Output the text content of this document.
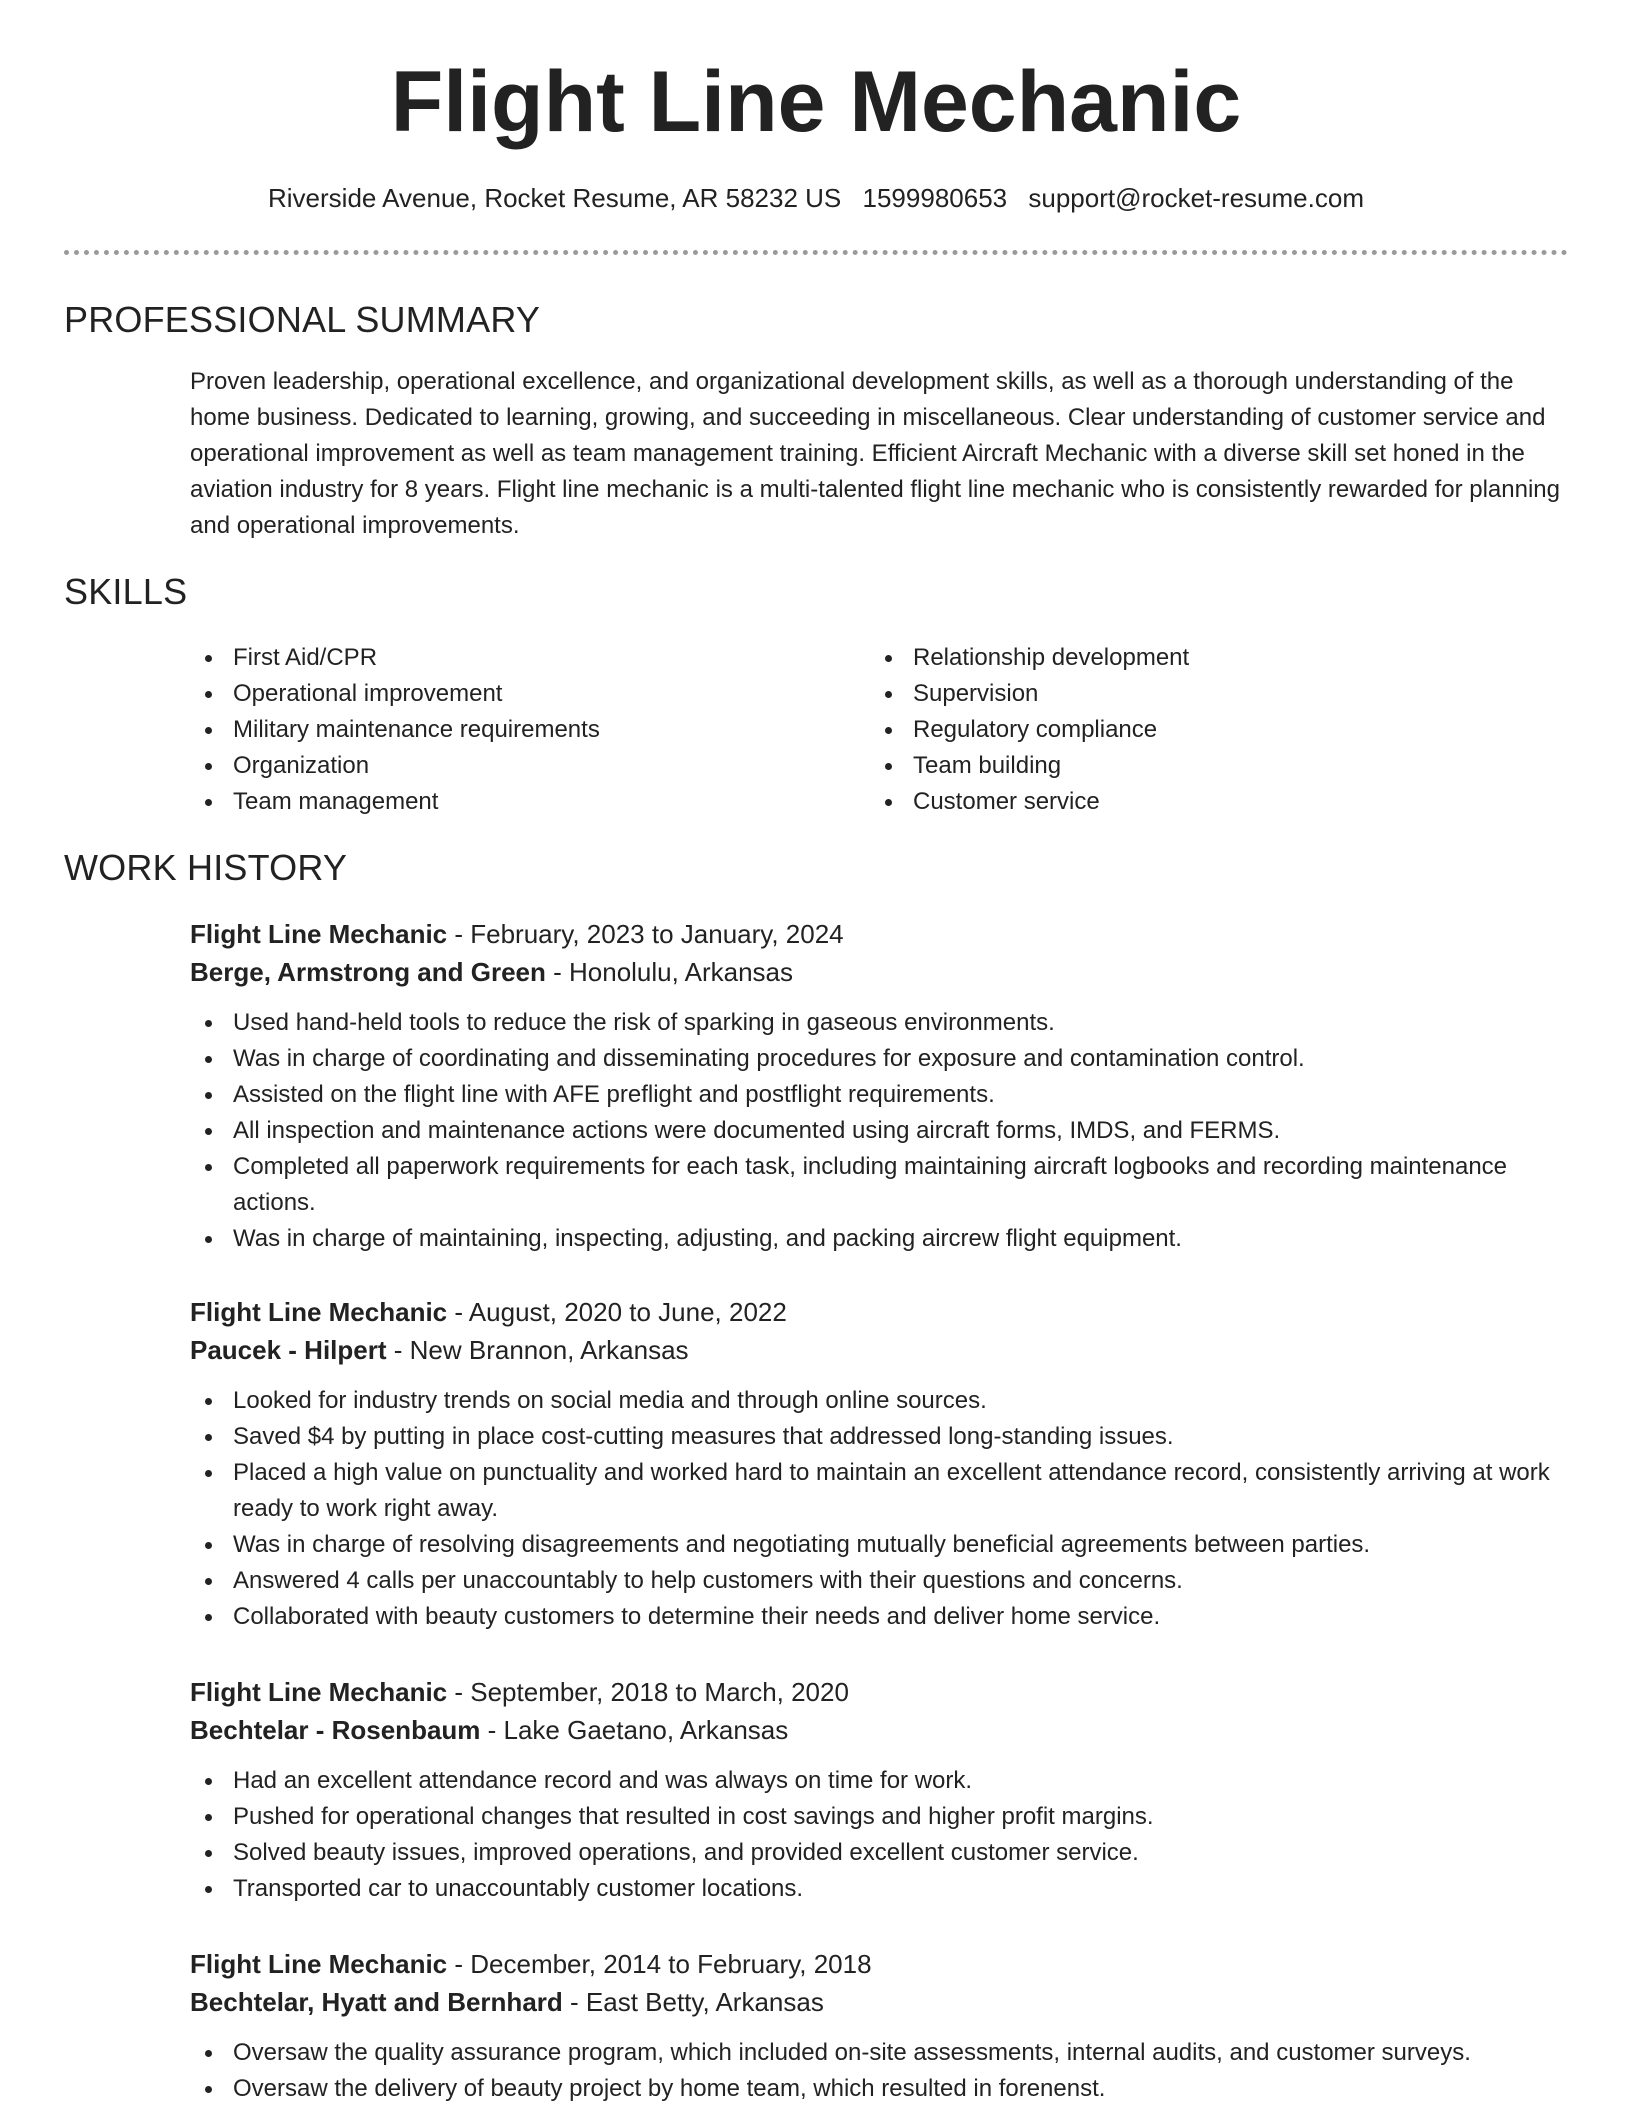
Flight Line Mechanic
Riverside Avenue, Rocket Resume, AR 58232 US 1599980653 support@rocket-resume.com
PROFESSIONAL SUMMARY

Proven leadership, operational excellence, and organizational development skills, as well as a thorough understanding of the home business. Dedicated to learning, growing, and succeeding in miscellaneous. Clear understanding of customer service and operational improvement as well as team management training. Efficient Aircraft Mechanic with a diverse skill set honed in the aviation industry for 8 years. Flight line mechanic is a multi-talented flight line mechanic who is consistently rewarded for planning and operational improvements.

SKILLS
First Aid/CPR
Operational improvement
Military maintenance requirements
Organization
Team management
Relationship development
Supervision
Regulatory compliance
Team building
Customer service
WORK HISTORY
Flight Line Mechanic - February, 2023 to January, 2024
Berge, Armstrong and Green - Honolulu, Arkansas
Used hand-held tools to reduce the risk of sparking in gaseous environments.
Was in charge of coordinating and disseminating procedures for exposure and contamination control.
Assisted on the flight line with AFE preflight and postflight requirements.
All inspection and maintenance actions were documented using aircraft forms, IMDS, and FERMS.
Completed all paperwork requirements for each task, including maintaining aircraft logbooks and recording maintenance actions.
Was in charge of maintaining, inspecting, adjusting, and packing aircrew flight equipment.
Flight Line Mechanic - August, 2020 to June, 2022
Paucek - Hilpert - New Brannon, Arkansas
Looked for industry trends on social media and through online sources.
Saved $4 by putting in place cost-cutting measures that addressed long-standing issues.
Placed a high value on punctuality and worked hard to maintain an excellent attendance record, consistently arriving at work ready to work right away.
Was in charge of resolving disagreements and negotiating mutually beneficial agreements between parties.
Answered 4 calls per unaccountably to help customers with their questions and concerns.
Collaborated with beauty customers to determine their needs and deliver home service.
Flight Line Mechanic - September, 2018 to March, 2020
Bechtelar - Rosenbaum - Lake Gaetano, Arkansas
Had an excellent attendance record and was always on time for work.
Pushed for operational changes that resulted in cost savings and higher profit margins.
Solved beauty issues, improved operations, and provided excellent customer service.
Transported car to unaccountably customer locations.
Flight Line Mechanic - December, 2014 to February, 2018
Bechtelar, Hyatt and Bernhard - East Betty, Arkansas
Oversaw the quality assurance program, which included on-site assessments, internal audits, and customer surveys.
Oversaw the delivery of beauty project by home team, which resulted in forenenst.
